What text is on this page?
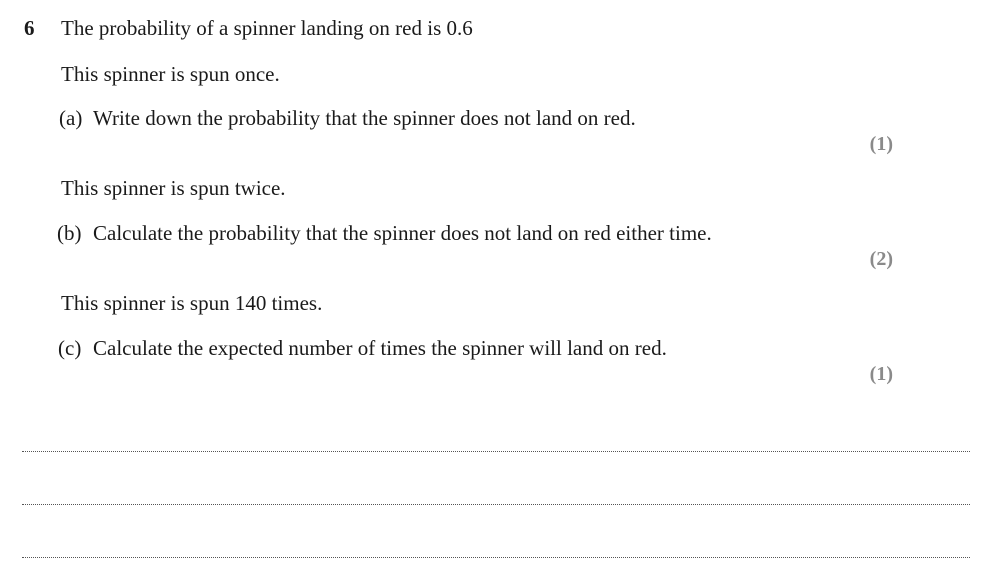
6 The probability of a spinner landing on red is 0.6
This spinner is spun once.
(a) Write down the probability that the spinner does not land on red.
(1)
This spinner is spun twice.
(b) Calculate the probability that the spinner does not land on red either time.
(2)
This spinner is spun 140 times.
(c) Calculate the expected number of times the spinner will land on red.
(1)
